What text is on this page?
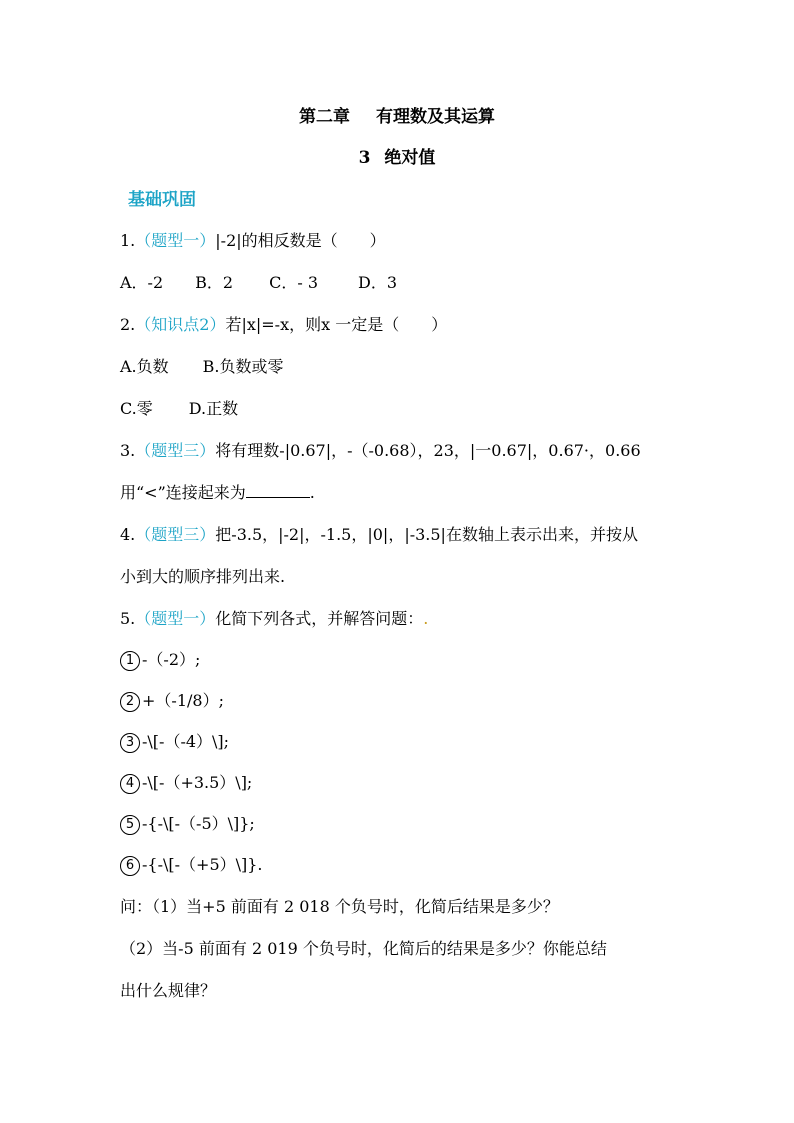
第二章 有理数及其运算
3 绝对值
基础巩固
1.（题型一）|-2|的相反数是（　　）
A．-2 B．2 C．- 3	D．3
2.（知识点2）若|x|=-x，则x 一定是（　　）
A.负数 B.负数或零
C.零 D.正数
3.（题型三）将有理数-|0.67|，-（-0.68），23，|一0.67|，0.67·，0.66
用“<”连接起来为	.
4.（题型三）把-3.5，|-2|，-1.5，|0|，|-3.5|在数轴上表示出来，并按从
小到大的顺序排列出来.
5.（题型一）化简下列各式，并解答问题：.
1 -（-2）;
2 +（-1/8）;
3 -\[-（-4）\];
4 -\[-（+3.5）\];
5 -{-\[-（-5）\]};
6 -{-\[-（+5）\]}.
问：（1）当+5 前面有 2 018 个负号时，化简后结果是多少？
（2）当-5 前面有 2 019 个负号时，化简后的结果是多少？你能总结
出什么规律？
